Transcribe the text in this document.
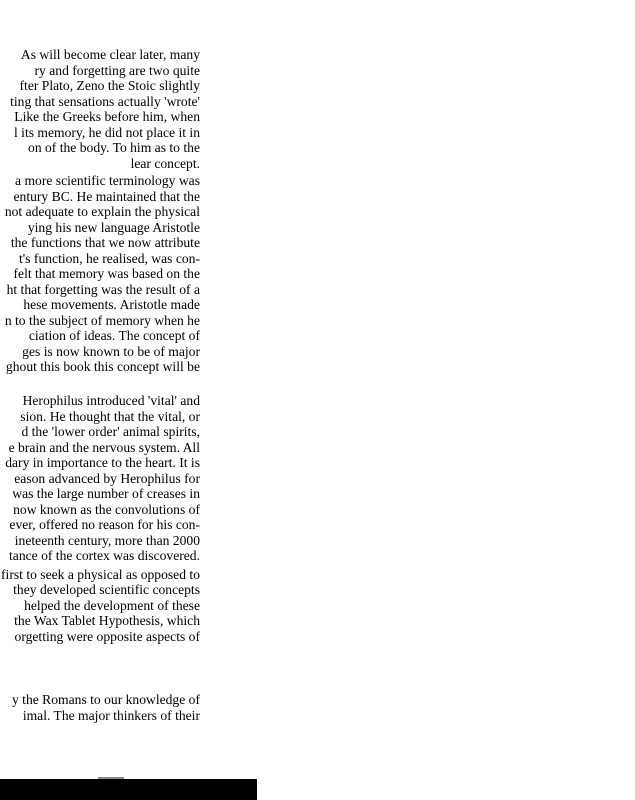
As will become clear later, many

ry and forgetting are two quite

fter Plato, Zeno the Stoic slightly

ting that sensations actually 'wrote'

Like the Greeks before him, when

l its memory, he did not place it in

on of the body. To him as to the

lear concept.

a more scientific terminology was

entury BC. He maintained that the

not adequate to explain the physical

ying his new language Aristotle

the functions that we now attribute

t's function, he realised, was con-

felt that memory was based on the

ht that forgetting was the result of a

hese movements. Aristotle made

n to the subject of memory when he

ciation of ideas. The concept of

ges is now known to be of major

ghout this book this concept will be

Herophilus introduced 'vital' and

sion. He thought that the vital, or

d the 'lower order' animal spirits,

e brain and the nervous system. All

dary in importance to the heart. It is

eason advanced by Herophilus for

was the large number of creases in

now known as the convolutions of

ever, offered no reason for his con-

ineteenth century, more than 2000

tance of the cortex was discovered.

first to seek a physical as opposed to

they developed scientific concepts

helped the development of these

the Wax Tablet Hypothesis, which

orgetting were opposite aspects of

y the Romans to our knowledge of

imal. The major thinkers of their
